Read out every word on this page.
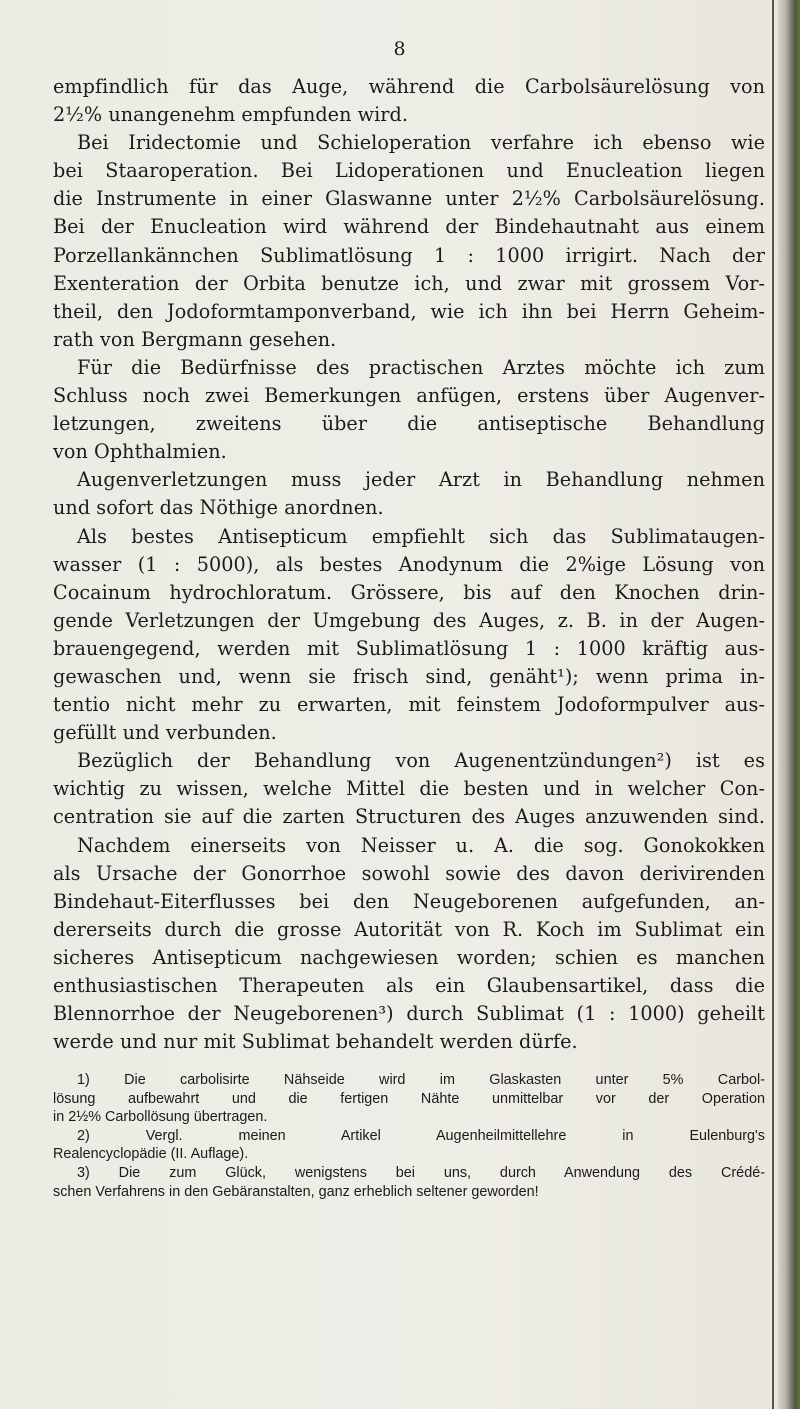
8
empfindlich für das Auge, während die Carbolsäurelösung von
2½% unangenehm empfunden wird.
Bei Iridectomie und Schieloperation verfahre ich ebenso wie
bei Staaroperation. Bei Lidoperationen und Enucleation liegen
die Instrumente in einer Glaswanne unter 2½% Carbolsäurelösung.
Bei der Enucleation wird während der Bindehautnaht aus einem
Porzellankännchen Sublimatlösung 1 : 1000 irrigirt. Nach der
Exenteration der Orbita benutze ich, und zwar mit grossem Vor-
theil, den Jodoformtamponverband, wie ich ihn bei Herrn Geheim-
rath von Bergmann gesehen.
Für die Bedürfnisse des practischen Arztes möchte ich zum
Schluss noch zwei Bemerkungen anfügen, erstens über Augenver-
letzungen, zweitens über die antiseptische Behandlung
von Ophthalmien.
Augenverletzungen muss jeder Arzt in Behandlung nehmen
und sofort das Nöthige anordnen.
Als bestes Antisepticum empfiehlt sich das Sublimataugen-
wasser (1 : 5000), als bestes Anodynum die 2%ige Lösung von
Cocainum hydrochloratum. Grössere, bis auf den Knochen drin-
gende Verletzungen der Umgebung des Auges, z. B. in der Augen-
brauengegend, werden mit Sublimatlösung 1 : 1000 kräftig aus-
gewaschen und, wenn sie frisch sind, genäht¹); wenn prima in-
tentio nicht mehr zu erwarten, mit feinstem Jodoformpulver aus-
gefüllt und verbunden.
Bezüglich der Behandlung von Augenentzündungen²) ist es
wichtig zu wissen, welche Mittel die besten und in welcher Con-
centration sie auf die zarten Structuren des Auges anzuwenden sind.
Nachdem einerseits von Neisser u. A. die sog. Gonokokken
als Ursache der Gonorrhoe sowohl sowie des davon derivirenden
Bindehaut-Eiterflusses bei den Neugeborenen aufgefunden, an-
dererseits durch die grosse Autorität von R. Koch im Sublimat ein
sicheres Antisepticum nachgewiesen worden; schien es manchen
enthusiastischen Therapeuten als ein Glaubensartikel, dass die
Blennorrhoe der Neugeborenen³) durch Sublimat (1 : 1000) geheilt
werde und nur mit Sublimat behandelt werden dürfe.
1) Die carbolisirte Nähseide wird im Glaskasten unter 5% Carbol-
lösung aufbewahrt und die fertigen Nähte unmittelbar vor der Operation
in 2½% Carbollösung übertragen.
2) Vergl. meinen Artikel Augenheilmittellehre in Eulenburg's
Realencyclopädie (II. Auflage).
3) Die zum Glück, wenigstens bei uns, durch Anwendung des Crédé-
schen Verfahrens in den Gebäranstalten, ganz erheblich seltener geworden!
